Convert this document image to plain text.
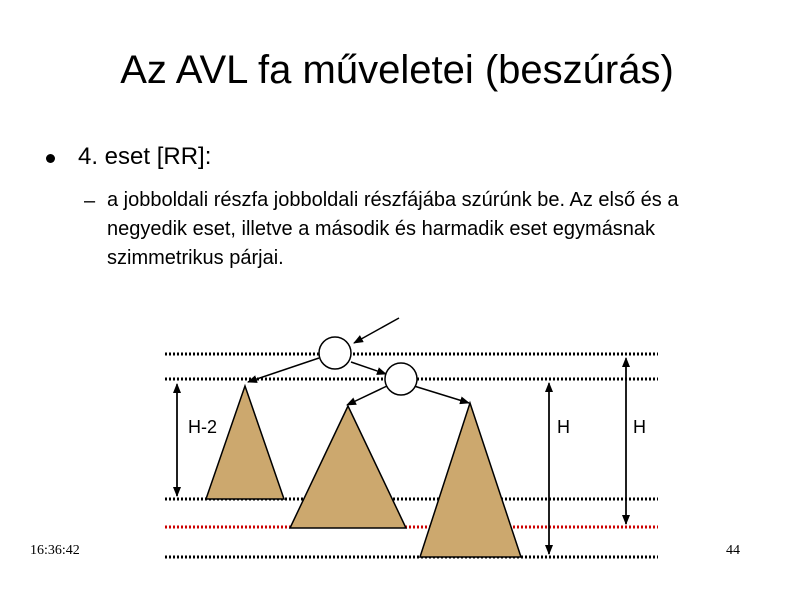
Az AVL fa műveletei (beszúrás)
4. eset [RR]:
– a jobboldali részfa jobboldali részfájába szúrúnk be. Az első és a negyedik eset, illetve a második és harmadik eset egymásnak szimmetrikus párjai.
H-2	H	H
16:36:42	44
